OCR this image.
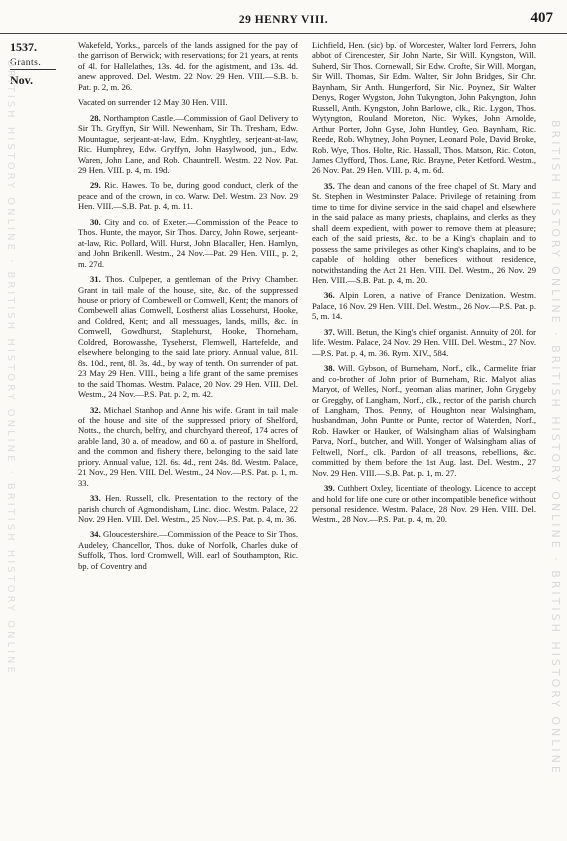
29 HENRY VIII.	407
1537.
Grants.
Nov.
BRITISH HISTORY ONLINE · BRITISH HISTORY ONLINE · BRITISH HISTORY ONLINE	BRITISH HISTORY ONLINE · BRITISH HISTORY ONLINE · BRITISH HISTORY ONLINE

Wakefeld, Yorks., parcels of the lands assigned for the pay of the garrison of Berwick; with reservations; for 21 years, at rents of 4l. for Hallelathes, 13s. 4d. for the agistment, and 13s. 4d. anew approved. Del. Westm. 22 Nov. 29 Hen. VIII.—S.B. b. Pat. p. 2, m. 26.

Vacated on surrender 12 May 30 Hen. VIII.

28. Northampton Castle.—Commission of Gaol Delivery to Sir Th. Gryffyn, Sir Will. Newenham, Sir Th. Tresham, Edw. Mountague, serjeant-at-law, Edm. Knyghtley, serjeant-at-law, Ric. Humphrey, Edw. Gryffyn, John Hasylwood, jun., Edw. Waren, John Lane, and Rob. Chauntrell. Westm. 22 Nov. Pat. 29 Hen. VIII. p. 4, m. 19d.

29. Ric. Hawes. To be, during good conduct, clerk of the peace and of the crown, in co. Warw. Del. Westm. 23 Nov. 29 Hen. VIII.—S.B. Pat. p. 4, m. 11.

30. City and co. of Exeter.—Commission of the Peace to Thos. Hunte, the mayor, Sir Thos. Darcy, John Rowe, serjeant-at-law, Ric. Pollard, Will. Hurst, John Blacaller, Hen. Hamlyn, and John Brikenll. Westm., 24 Nov.—Pat. 29 Hen. VIII., p. 2, m. 27d.

31. Thos. Culpeper, a gentleman of the Privy Chamber. Grant in tail male of the house, site, &c. of the suppressed house or priory of Combewell or Comwell, Kent; the manors of Combewell alias Comwell, Lostherst alias Lossehurst, Hooke, and Coldred, Kent; and all messuages, lands, mills, &c. in Comwell, Gowdhurst, Staplehurst, Hooke, Thorneham, Coldred, Borowasshe, Tyseherst, Flemwell, Hartefelde, and elsewhere belonging to the said late priory. Annual value, 81l. 8s. 10d., rent, 8l. 3s. 4d., by way of tenth. On surrender of pat. 23 May 29 Hen. VIII., being a life grant of the same premises to the said Thomas. Westm. Palace, 20 Nov. 29 Hen. VIII. Del. Westm., 24 Nov.—P.S. Pat. p. 2, m. 42.

32. Michael Stanhop and Anne his wife. Grant in tail male of the house and site of the suppressed priory of Shelford, Notts., the church, belfry, and churchyard thereof, 174 acres of arable land, 30 a. of meadow, and 60 a. of pasture in Shelford, and the common and fishery there, belonging to the said late priory. Annual value, 12l. 6s. 4d., rent 24s. 8d. Westm. Palace, 21 Nov., 29 Hen. VIII. Del. Westm., 24 Nov.—P.S. Pat. p. 1, m. 33.

33. Hen. Russell, clk. Presentation to the rectory of the parish church of Agmondisham, Linc. dioc. Westm. Palace, 22 Nov. 29 Hen. VIII. Del. Westm., 25 Nov.—P.S. Pat. p. 4, m. 36.

34. Gloucestershire.—Commission of the Peace to Sir Thos. Audeley, Chancellor, Thos. duke of Norfolk, Charles duke of Suffolk, Thos. lord Cromwell, Will. earl of Southampton, Ric. bp. of Coventry and

Lichfield, Hen. (sic) bp. of Worcester, Walter lord Ferrers, John abbot of Cirencester, Sir John Narte, Sir Will. Kyngston, Will. Suherd, Sir Thos. Cornewall, Sir Edw. Crofte, Sir Will. Morgan, Sir Will. Thomas, Sir Edm. Walter, Sir John Bridges, Sir Chr. Baynham, Sir Anth. Hungerford, Sir Nic. Poynez, Sir Walter Denys, Roger Wygston, John Tukyngton, John Pakyngton, John Russell, Anth. Kyngston, John Barlowe, clk., Ric. Lygon, Thos. Wytyngton, Rouland Moreton, Nic. Wykes, John Arnolde, Arthur Porter, John Gyse, John Huntley, Geo. Baynham, Ric. Reede, Rob. Whytney, John Poyner, Leonard Pole, David Broke, Rob. Wye, Thos. Holte, Ric. Hassall, Thos. Matson, Ric. Coton, James Clyfford, Thos. Lane, Ric. Brayne, Peter Ketford. Westm., 26 Nov. Pat. 29 Hen. VIII. p. 4, m. 6d.

35. The dean and canons of the free chapel of St. Mary and St. Stephen in Westminster Palace. Privilege of retaining from time to time for divine service in the said chapel and elsewhere in the said palace as many priests, chaplains, and clerks as they shall deem expedient, with power to remove them at pleasure; each of the said priests, &c. to be a King's chaplain and to possess the same privileges as other King's chaplains, and to be capable of holding other benefices without residence, notwithstanding the Act 21 Hen. VIII. Del. Westm., 26 Nov. 29 Hen. VIII.—S.B. Pat. p. 4, m. 20.

36. Alpin Loren, a native of France Denization. Westm. Palace, 16 Nov. 29 Hen. VIII. Del. Westm., 26 Nov.—P.S. Pat. p. 5, m. 14.

37. Will. Betun, the King's chief organist. Annuity of 20l. for life. Westm. Palace, 24 Nov. 29 Hen. VIII. Del. Westm., 27 Nov.—P.S. Pat. p. 4, m. 36. Rym. XIV., 584.

38. Will. Gybson, of Burneham, Norf., clk., Carmelite friar and co-brother of John prior of Burneham, Ric. Malyot alias Maryot, of Welles, Norf., yeoman alias mariner, John Grygeby or Greggby, of Langham, Norf., clk., rector of the parish church of Langham, Thos. Penny, of Houghton near Walsingham, husbandman, John Puntte or Punte, rector of Waterden, Norf., Rob. Hawker or Hauker, of Walsingham alias of Walsingham Parva, Norf., butcher, and Will. Yonger of Walsingham alias of Feltwell, Norf., clk. Pardon of all treasons, rebellions, &c. committed by them before the 1st Aug. last. Del. Westm., 27 Nov. 29 Hen. VIII.—S.B. Pat. p. 1, m. 27.

39. Cuthbert Oxley, licentiate of theology. Licence to accept and hold for life one cure or other incompatible benefice without personal residence. Westm. Palace, 28 Nov. 29 Hen. VIII. Del. Westm., 28 Nov.—P.S. Pat. p. 4, m. 20.
